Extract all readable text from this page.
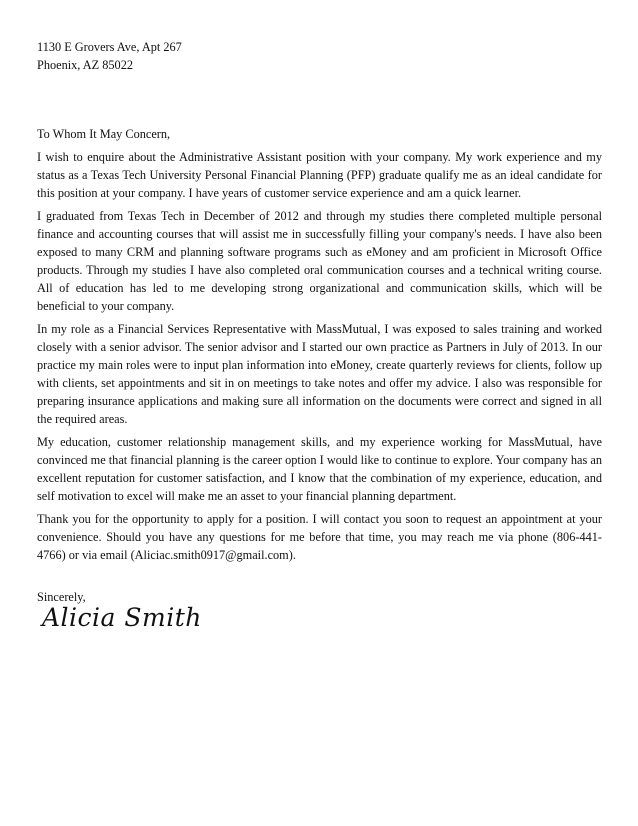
1130 E Grovers Ave, Apt 267
Phoenix, AZ 85022
To Whom It May Concern,

I wish to enquire about the Administrative Assistant position with your company. My work experience and my status as a Texas Tech University Personal Financial Planning (PFP) graduate qualify me as an ideal candidate for this position at your company. I have years of customer service experience and am a quick learner.

I graduated from Texas Tech in December of 2012 and through my studies there completed multiple personal finance and accounting courses that will assist me in successfully filling your company's needs. I have also been exposed to many CRM and planning software programs such as eMoney and am proficient in Microsoft Office products. Through my studies I have also completed oral communication courses and a technical writing course. All of education has led to me developing strong organizational and communication skills, which will be beneficial to your company.

In my role as a Financial Services Representative with MassMutual, I was exposed to sales training and worked closely with a senior advisor. The senior advisor and I started our own practice as Partners in July of 2013. In our practice my main roles were to input plan information into eMoney, create quarterly reviews for clients, follow up with clients, set appointments and sit in on meetings to take notes and offer my advice. I also was responsible for preparing insurance applications and making sure all information on the documents were correct and signed in all the required areas.

My education, customer relationship management skills, and my experience working for MassMutual, have convinced me that financial planning is the career option I would like to continue to explore. Your company has an excellent reputation for customer satisfaction, and I know that the combination of my experience, education, and self motivation to excel will make me an asset to your financial planning department.

Thank you for the opportunity to apply for a position. I will contact you soon to request an appointment at your convenience. Should you have any questions for me before that time, you may reach me via phone (806-441-4766) or via email (Aliciac.smith0917@gmail.com).

Sincerely,
Alicia Smith
